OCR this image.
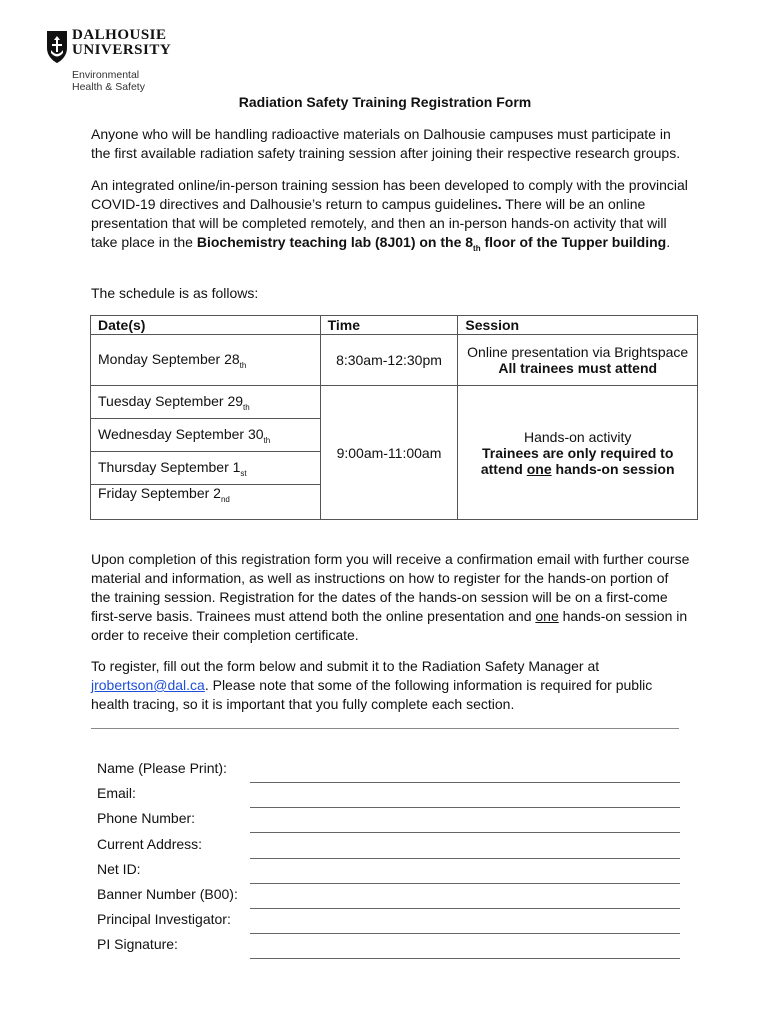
DALHOUSIE
UNIVERSITY
Environmental
Health & Safety
Radiation Safety Training Registration Form
Anyone who will be handling radioactive materials on Dalhousie campuses must participate in the first available radiation safety training session after joining their respective research groups.
An integrated online/in-person training session has been developed to comply with the provincial COVID-19 directives and Dalhousie’s return to campus guidelines. There will be an online presentation that will be completed remotely, and then an in-person hands-on activity that will take place in the Biochemistry teaching lab (8J01) on the $8_{th}$ floor of the Tupper building.
The schedule is as follows:
Date(s)	Time	Session
Monday September $28_{th}$	8:30am-12:30pm	Online presentation via Brightspace
All trainees must attend

Tuesday September $29_{th}$	9:00am-11:00am	Hands-on activity
Trainees are only required to attend one hands-on session

Wednesday September $30_{th}$
Thursday September $1_{st}$
Friday September $2_{nd}$
Upon completion of this registration form you will receive a confirmation email with further course material and information, as well as instructions on how to register for the hands-on portion of the training session. Registration for the dates of the hands-on session will be on a first-come first-serve basis. Trainees must attend both the online presentation and one hands-on session in order to receive their completion certificate.
To register, fill out the form below and submit it to the Radiation Safety Manager at jrobertson@dal.ca. Please note that some of the following information is required for public health tracing, so it is important that you fully complete each section.
Name (Please Print):
Email:
Phone Number:
Current Address:
Net ID:
Banner Number (B00):
Principal Investigator:
PI Signature:
